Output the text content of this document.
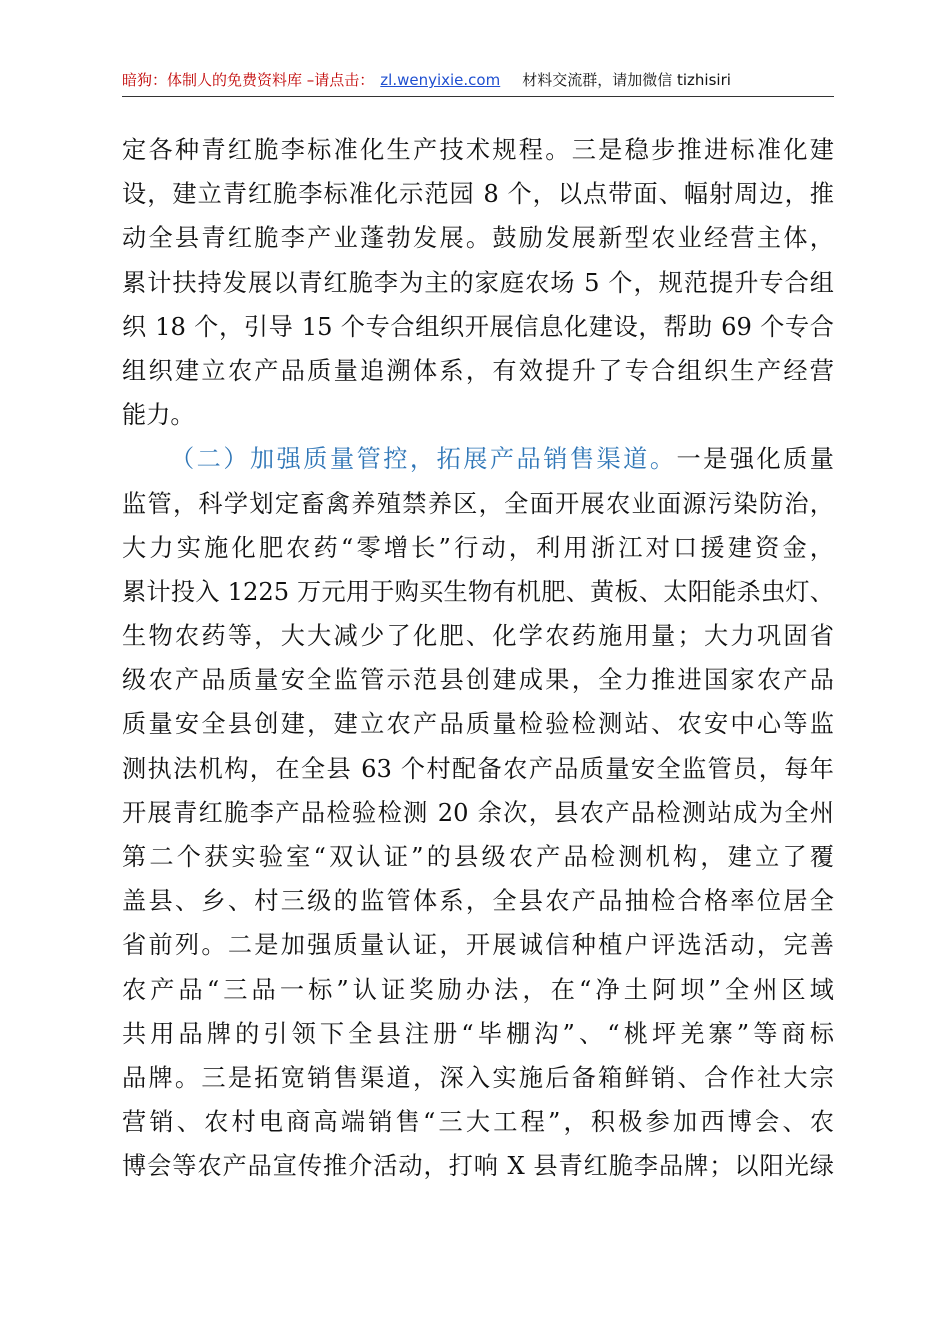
暗狗：体制人的免费资料库 –请点击： zl.wenyixie.com 材料交流群，请加微信 tizhisiri
定各种青红脆李标准化生产技术规程。三是稳步推进标准化建
设，建立青红脆李标准化示范园 8 个，以点带面、幅射周边，推
动全县青红脆李产业蓬勃发展。鼓励发展新型农业经营主体，
累计扶持发展以青红脆李为主的家庭农场 5 个，规范提升专合组
织 18 个，引导 15 个专合组织开展信息化建设，帮助 69 个专合
组织建立农产品质量追溯体系，有效提升了专合组织生产经营
能力。
（二）加强质量管控，拓展产品销售渠道。一是强化质量
监管，科学划定畜禽养殖禁养区，全面开展农业面源污染防治，
大力实施化肥农药“零增长”行动，利用浙江对口援建资金，
累计投入 1225 万元用于购买生物有机肥、黄板、太阳能杀虫灯、
生物农药等，大大减少了化肥、化学农药施用量；大力巩固省
级农产品质量安全监管示范县创建成果，全力推进国家农产品
质量安全县创建，建立农产品质量检验检测站、农安中心等监
测执法机构，在全县 63 个村配备农产品质量安全监管员，每年
开展青红脆李产品检验检测 20 余次，县农产品检测站成为全州
第二个获实验室“双认证”的县级农产品检测机构，建立了覆
盖县、乡、村三级的监管体系，全县农产品抽检合格率位居全
省前列。二是加强质量认证，开展诚信种植户评选活动，完善
农产品“三品一标”认证奖励办法，在“净土阿坝”全州区域
共用品牌的引领下全县注册“毕棚沟”、“桃坪羌寨”等商标
品牌。三是拓宽销售渠道，深入实施后备箱鲜销、合作社大宗
营销、农村电商高端销售“三大工程”，积极参加西博会、农
博会等农产品宣传推介活动，打响 X 县青红脆李品牌；以阳光绿
